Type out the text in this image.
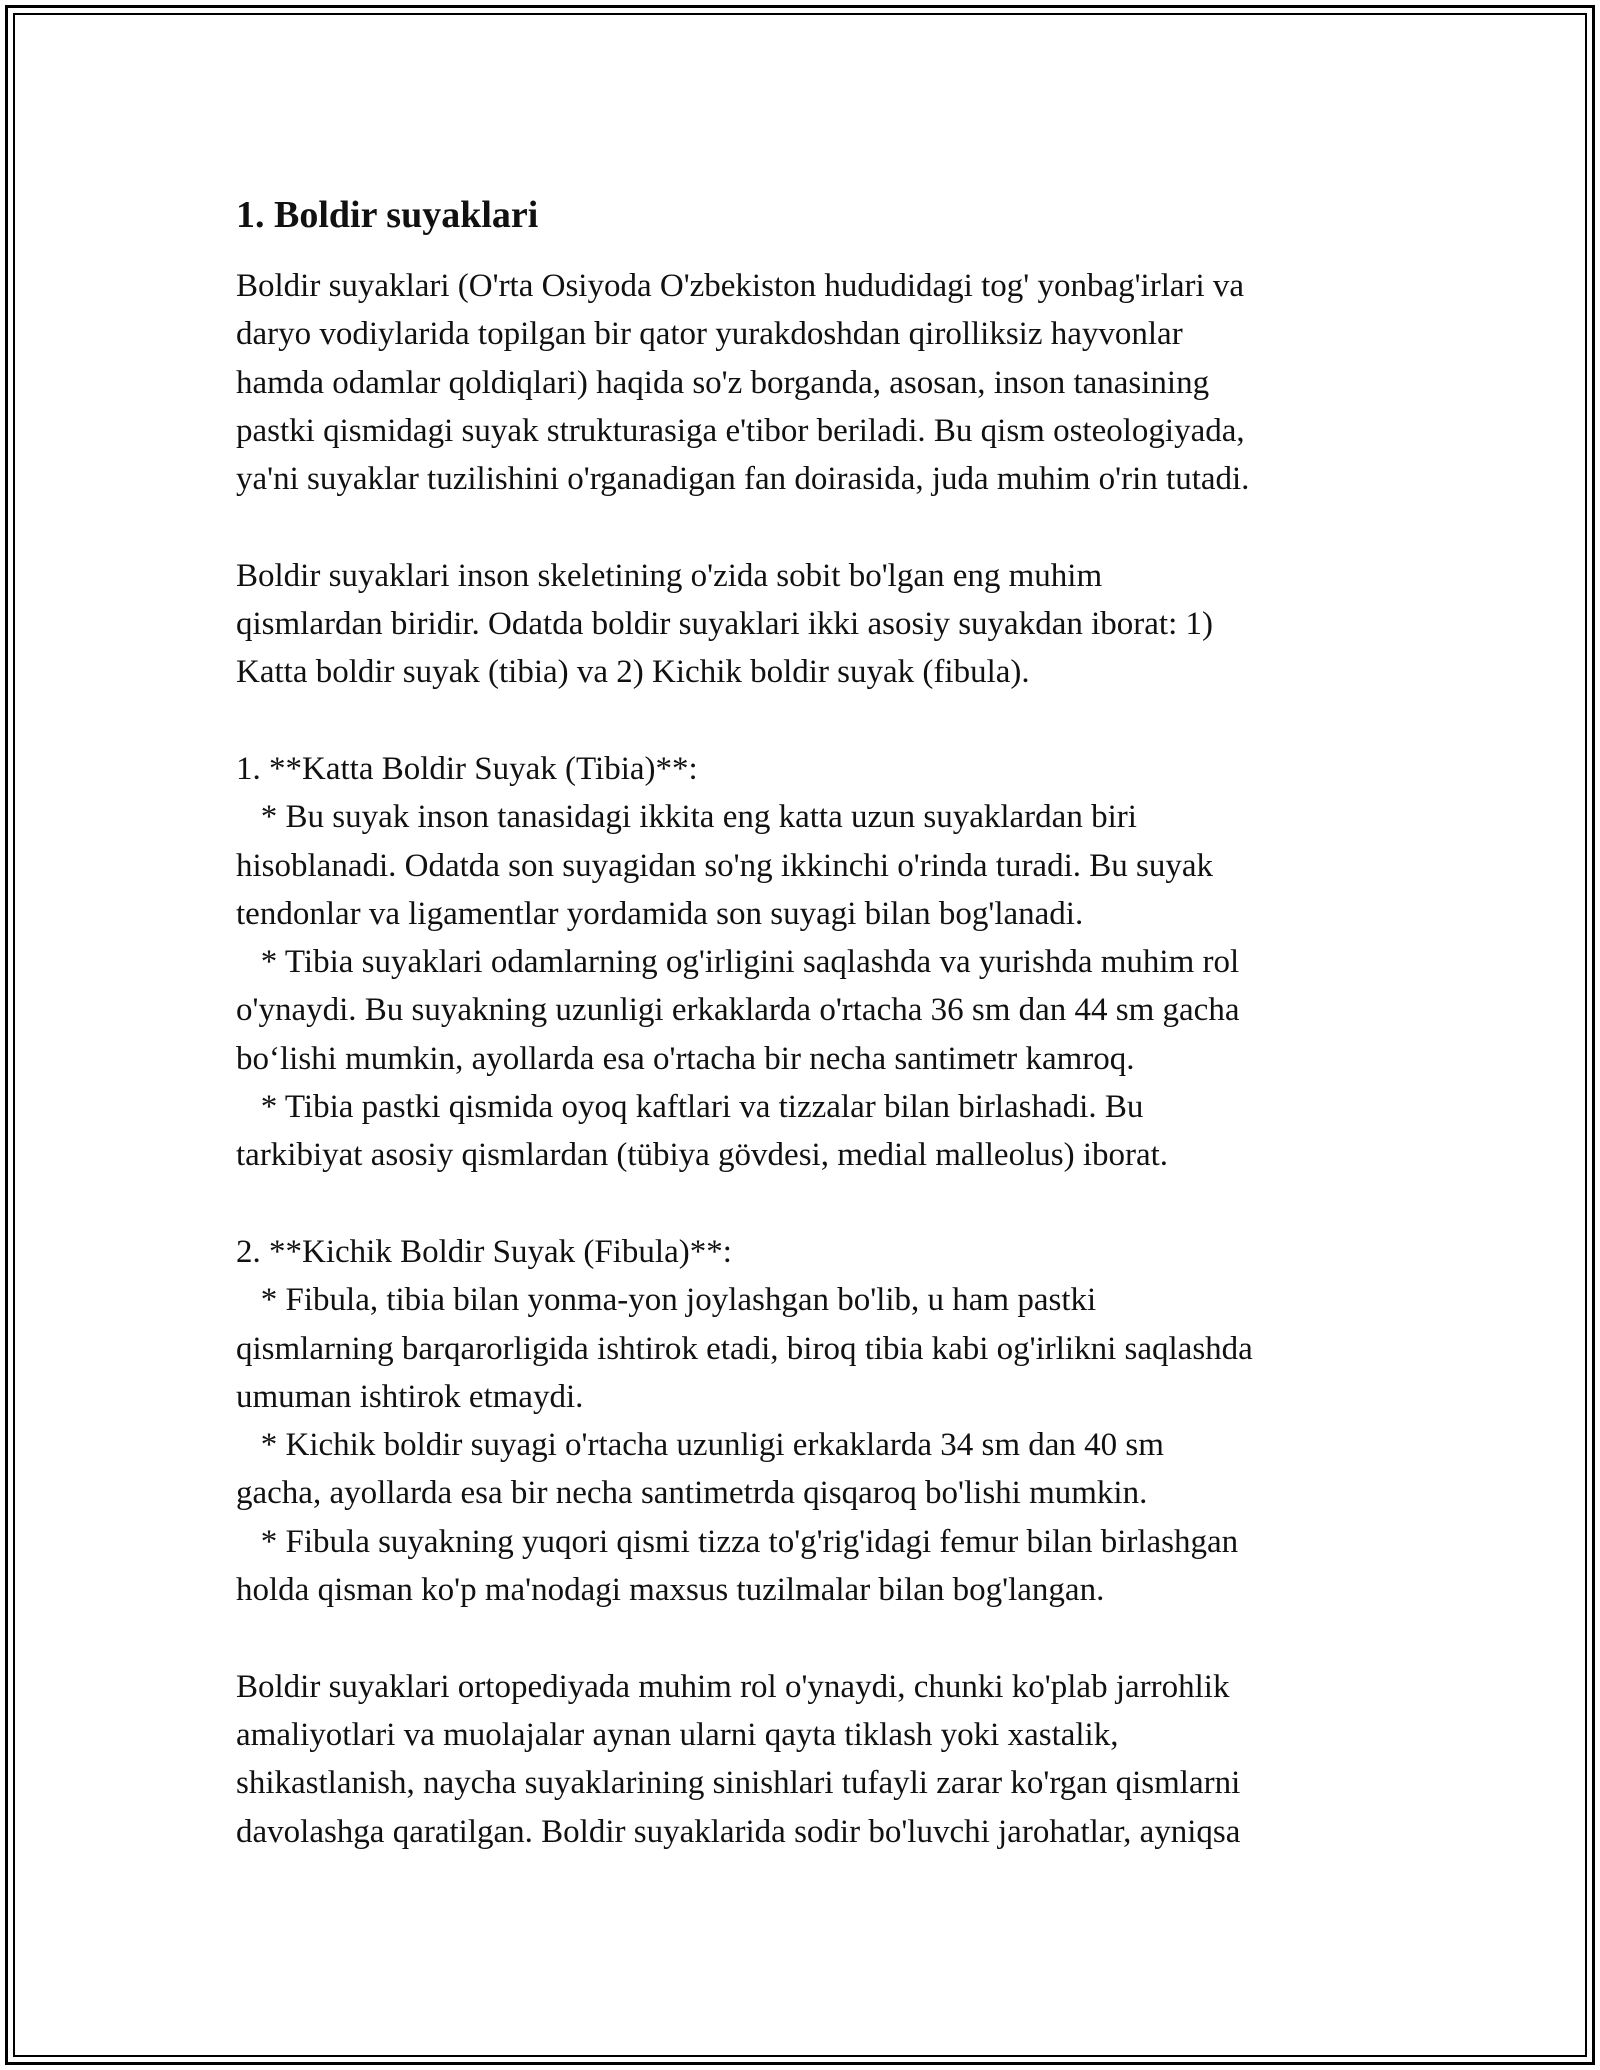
1. Boldir suyaklari
Boldir suyaklari (O'rta Osiyoda O'zbekiston hududidagi tog' yonbag'irlari va
daryo vodiylarida topilgan bir qator yurakdoshdan qirolliksiz hayvonlar
hamda odamlar qoldiqlari) haqida so'z borganda, asosan, inson tanasining
pastki qismidagi suyak strukturasiga e'tibor beriladi. Bu qism osteologiyada,
ya'ni suyaklar tuzilishini o'rganadigan fan doirasida, juda muhim o'rin tutadi.

Boldir suyaklari inson skeletining o'zida sobit bo'lgan eng muhim
qismlardan biridir. Odatda boldir suyaklari ikki asosiy suyakdan iborat: 1)
Katta boldir suyak (tibia) va 2) Kichik boldir suyak (fibula).

1. **Katta Boldir Suyak (Tibia)**:
* Bu suyak inson tanasidagi ikkita eng katta uzun suyaklardan biri
hisoblanadi. Odatda son suyagidan so'ng ikkinchi o'rinda turadi. Bu suyak
tendonlar va ligamentlar yordamida son suyagi bilan bog'lanadi.
* Tibia suyaklari odamlarning og'irligini saqlashda va yurishda muhim rol
o'ynaydi. Bu suyakning uzunligi erkaklarda o'rtacha 36 sm dan 44 sm gacha
bo‘lishi mumkin, ayollarda esa o'rtacha bir necha santimetr kamroq.
* Tibia pastki qismida oyoq kaftlari va tizzalar bilan birlashadi. Bu
tarkibiyat asosiy qismlardan (tübiya gövdesi, medial malleolus) iborat.

2. **Kichik Boldir Suyak (Fibula)**:
* Fibula, tibia bilan yonma-yon joylashgan bo'lib, u ham pastki
qismlarning barqarorligida ishtirok etadi, biroq tibia kabi og'irlikni saqlashda
umuman ishtirok etmaydi.
* Kichik boldir suyagi o'rtacha uzunligi erkaklarda 34 sm dan 40 sm
gacha, ayollarda esa bir necha santimetrda qisqaroq bo'lishi mumkin.
* Fibula suyakning yuqori qismi tizza to'g'rig'idagi femur bilan birlashgan
holda qisman ko'p ma'nodagi maxsus tuzilmalar bilan bog'langan.

Boldir suyaklari ortopediyada muhim rol o'ynaydi, chunki ko'plab jarrohlik
amaliyotlari va muolajalar aynan ularni qayta tiklash yoki xastalik,
shikastlanish, naycha suyaklarining sinishlari tufayli zarar ko'rgan qismlarni
davolashga qaratilgan. Boldir suyaklarida sodir bo'luvchi jarohatlar, ayniqsa
